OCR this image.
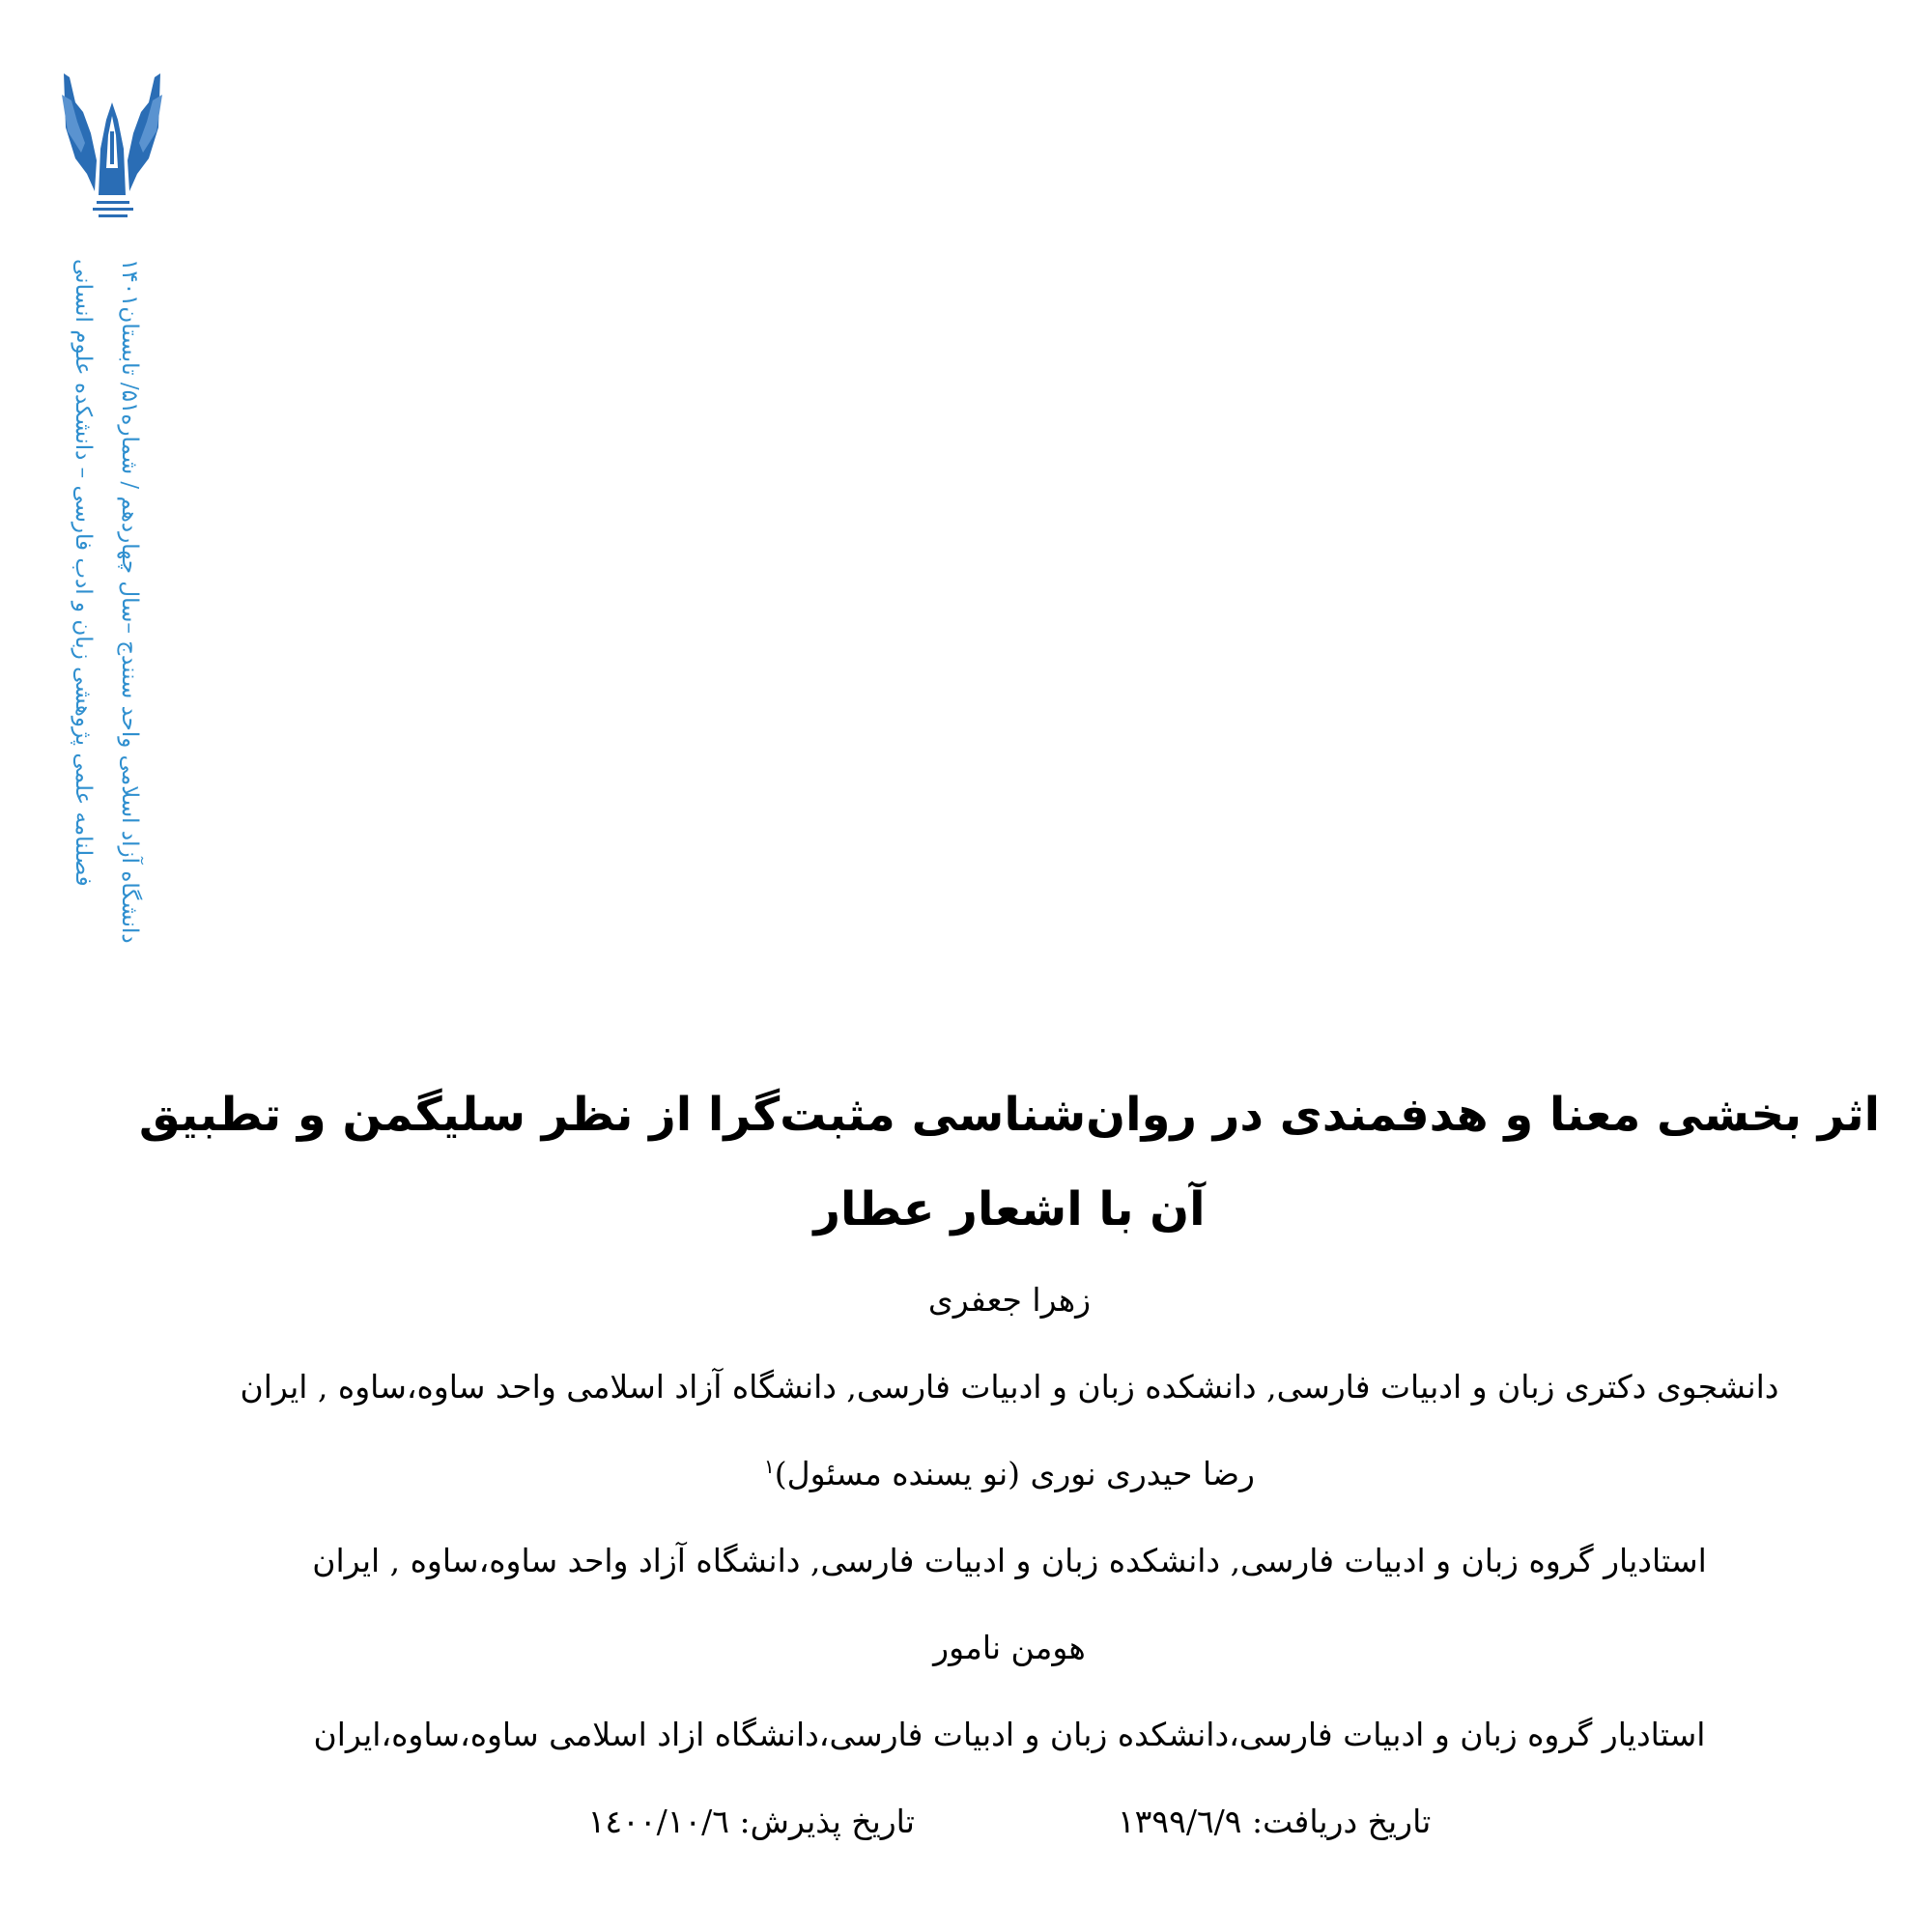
فصلنامه علمی پژوهشی زبان و ادب فارسی – دانشکده علوم انسانی دانشگاه آزاد اسلامی واحد سنندج –سال چهاردهم / شماره۵۱/ تابستان۱۴۰۱
اثر بخشی معنا و هدفمندی در روان‌شناسی مثبت‌گرا از نظر سلیگمن و تطبیق
آن با اشعار عطار
زهرا جعفری
دانشجوی دکتری زبان و ادبیات فارسی, دانشکده زبان و ادبیات فارسی, دانشگاه آزاد اسلامی واحد ساوه،ساوه , ایران
رضا حیدری نوری (نو یسنده مسئول)$^١$
استادیار گروه زبان و ادبیات فارسی, دانشکده زبان و ادبیات فارسی, دانشگاه آزاد واحد ساوه،ساوه , ایران
هومن نامور
استادیار گروه زبان و ادبیات فارسی،دانشکده زبان و ادبیات فارسی،دانشگاه ازاد اسلامی ساوه،ساوه،ایران
تاریخ دریافت: ۱۳۹۹/٦/۹
تاریخ پذیرش: ١٤٠٠/١٠/٦
